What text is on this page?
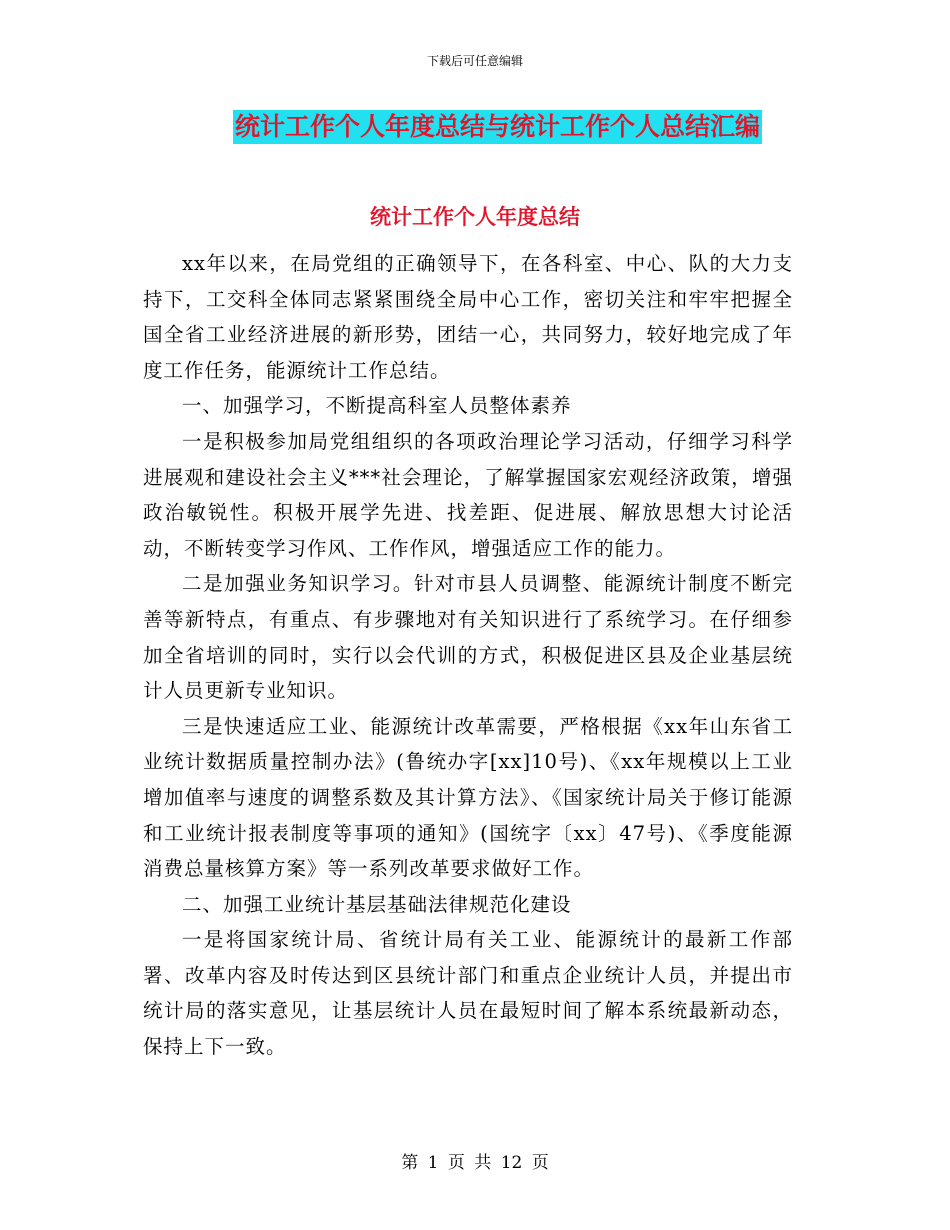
下载后可任意编辑
统计工作个人年度总结与统计工作个人总结汇编
统计工作个人年度总结

xx年以来，在局党组的正确领导下，在各科室、中心、队的大力支持下，工交科全体同志紧紧围绕全局中心工作，密切关注和牢牢把握全国全省工业经济进展的新形势，团结一心，共同努力，较好地完成了年度工作任务，能源统计工作总结。

一、加强学习，不断提高科室人员整体素养

一是积极参加局党组组织的各项政治理论学习活动，仔细学习科学进展观和建设社会主义***社会理论，了解掌握国家宏观经济政策，增强政治敏锐性。积极开展学先进、找差距、促进展、解放思想大讨论活动，不断转变学习作风、工作作风，增强适应工作的能力。

二是加强业务知识学习。针对市县人员调整、能源统计制度不断完善等新特点，有重点、有步骤地对有关知识进行了系统学习。在仔细参加全省培训的同时，实行以会代训的方式，积极促进区县及企业基层统计人员更新专业知识。

三是快速适应工业、能源统计改革需要，严格根据《xx年山东省工业统计数据质量控制办法》(鲁统办字[xx]10号)、《xx年规模以上工业增加值率与速度的调整系数及其计算方法》、《国家统计局关于修订能源和工业统计报表制度等事项的通知》(国统字〔xx〕47号)、《季度能源消费总量核算方案》等一系列改革要求做好工作。

二、加强工业统计基层基础法律规范化建设

一是将国家统计局、省统计局有关工业、能源统计的最新工作部署、改革内容及时传达到区县统计部门和重点企业统计人员，并提出市统计局的落实意见，让基层统计人员在最短时间了解本系统最新动态，保持上下一致。

第 1 页 共 12 页
